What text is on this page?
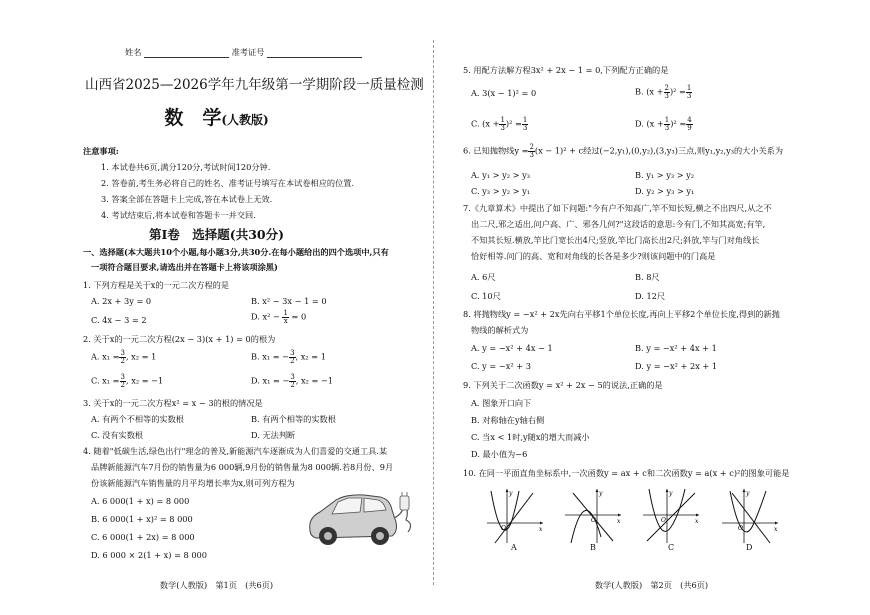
姓名	准考证号
山西省2025—2026学年九年级第一学期阶段一质量检测
数　学(人教版)
注意事项:
1. 本试卷共6页,满分120分,考试时间120分钟.
2. 答卷前,考生务必将自己的姓名、准考证号填写在本试卷相应的位置.
3. 答案全部在答题卡上完成,答在本试卷上无效.
4. 考试结束后,将本试卷和答题卡一并交回.
第Ⅰ卷　选择题(共30分)
一、选择题(本大题共10个小题,每小题3分,共30分.在每小题给出的四个选项中,只有
一项符合题目要求,请选出并在答题卡上将该项涂黑)
1. 下列方程是关于x的一元二次方程的是
A. 2x + 3y = 0	B. x² − 3x − 1 = 0
C. 4x − 3 = 2	D. $x^2 - \frac{1}{x} = 0$
2. 关于x的一元二次方程(2x − 3)(x + 1) = 0的根为
A. $x_1 = \frac{3}{2}$ , x₂ = 1	B. x₁ = − $\frac{3}{2}$ , x₂ = 1
C. $x_1 = \frac{3}{2}$ , x₂ = −1	D. x₁ = − $\frac{3}{2}$ , x₂ = −1
3. 关于x的一元二次方程x² = x − 3的根的情况是
A. 有两个不相等的实数根	B. 有两个相等的实数根
C. 没有实数根	D. 无法判断
4. 随着"低碳生活,绿色出行"理念的普及,新能源汽车逐渐成为人们喜爱的交通工具.某
品牌新能源汽车7月份的销售量为6 000辆,9月份的销售量为8 000辆.若8月份、9月
份该新能源汽车销售量的月平均增长率为x,则可列方程为
A. 6 000(1 + x) = 8 000
B. 6 000(1 + x)² = 8 000
C. 6 000(1 + 2x) = 8 000
D. 6 000 × 2(1 + x) = 8 000
数学(人教版)　第1页　(共6页)
5. 用配方法解方程3x² + 2x − 1 = 0,下列配方正确的是
A. 3(x − 1)² = 0	B. $(x + \frac{2}{3} )^2 = \frac{1}{3}$
C. $(x + \frac{1}{3} )^2 = \frac{1}{3}$	D. $(x + \frac{1}{3} )^2 = \frac{4}{9}$
6. 已知抛物线$y = \frac{2}{3} (x - 1)^2 + c$经过(−2,y₁),(0,y₂),(3,y₃)三点,则y₁,y₂,y₃的大小关系为
A. y₁ > y₂ > y₃	B. y₁ > y₃ > y₂
C. y₃ > y₂ > y₁	D. y₂ > y₃ > y₁
7.《九章算术》中提出了如下问题:"今有户不知高广,竿不知长短,横之不出四尺,从之不
出二尺,邪之适出,问户高、广、邪各几何?"这段话的意思:今有门,不知其高宽;有竿,
不知其长短.横放,竿比门宽长出4尺;竖放,竿比门高长出2尺;斜放,竿与门对角线长
恰好相等.问门的高、宽和对角线的长各是多少?则该问题中的门高是
A. 6尺	B. 8尺
C. 10尺	D. 12尺
8. 将抛物线y = −x² + 2x先向右平移1个单位长度,再向上平移2个单位长度,得到的新抛
物线的解析式为
A. y = −x² + 4x − 1	B. y = −x² + 4x + 1
C. y = −x² + 3	D. y = −x² + 2x + 1
9. 下列关于二次函数y = x² + 2x − 5的说法,正确的是
A. 图象开口向下
B. 对称轴在y轴右侧
C. 当x < 1时,y随x的增大而减小
D. 最小值为−6
10. 在同一平面直角坐标系中,一次函数y = ax + c和二次函数y = a(x + c)²的图象可能是
y
x
O
A
y
x
O
B
y
x
O
C
y
x
O
D
数学(人教版)　第2页　(共6页)
